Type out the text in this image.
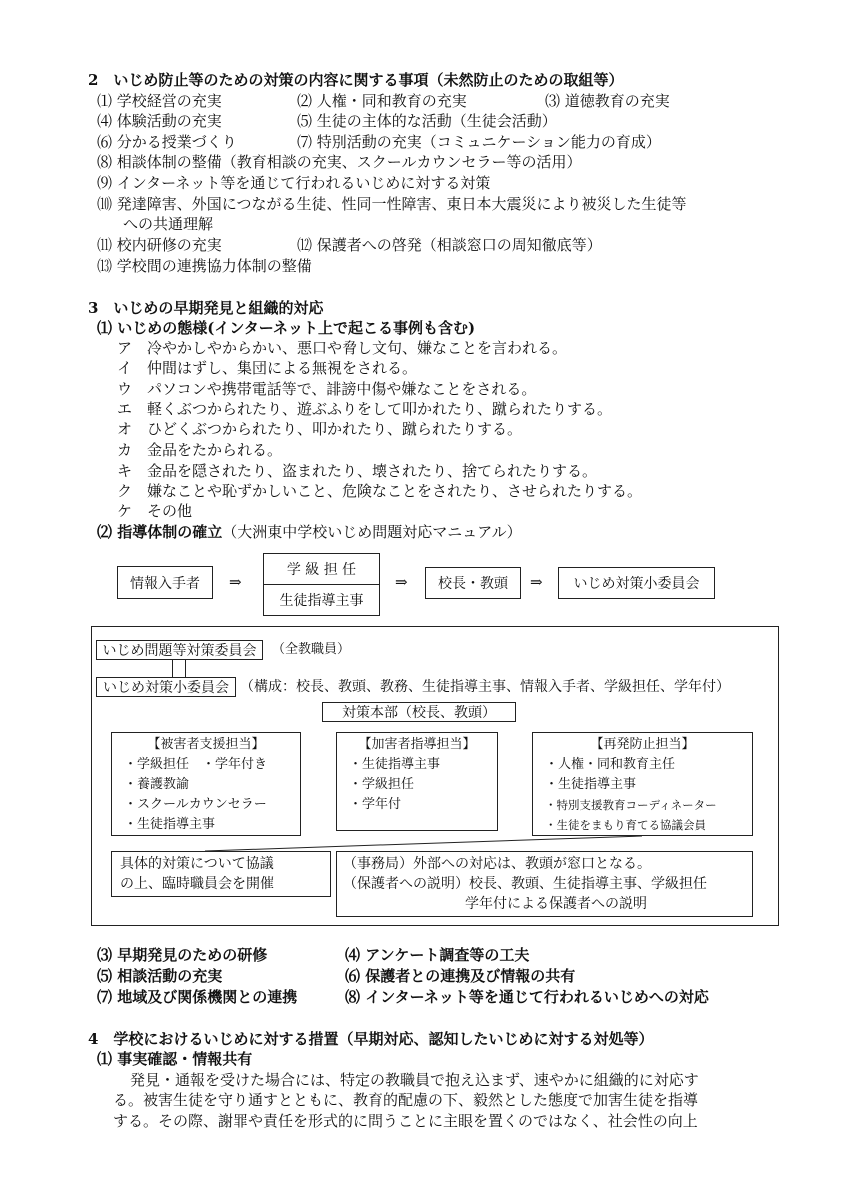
2　いじめ防止等のための対策の内容に関する事項（未然防止のための取組等）
⑴ 学校経営の充実	⑵ 人権・同和教育の充実	⑶ 道徳教育の充実
⑷ 体験活動の充実	⑸ 生徒の主体的な活動（生徒会活動）
⑹ 分かる授業づくり	⑺ 特別活動の充実（コミュニケーション能力の育成）
⑻ 相談体制の整備（教育相談の充実、スクールカウンセラー等の活用）
⑼ インターネット等を通じて行われるいじめに対する対策
⑽ 発達障害、外国につながる生徒、性同一性障害、東日本大震災により被災した生徒等
への共通理解
⑾ 校内研修の充実	⑿ 保護者への啓発（相談窓口の周知徹底等）
⒀ 学校間の連携協力体制の整備
3　いじめの早期発見と組織的対応
⑴ いじめの態様(インターネット上で起こる事例も含む)
ア　冷やかしやからかい、悪口や脅し文句、嫌なことを言われる。
イ　仲間はずし、集団による無視をされる。
ウ　パソコンや携帯電話等で、誹謗中傷や嫌なことをされる。
エ　軽くぶつかられたり、遊ぶふりをして叩かれたり、蹴られたりする。
オ　ひどくぶつかられたり、叩かれたり、蹴られたりする。
カ　金品をたかられる。
キ　金品を隠されたり、盗まれたり、壊されたり、捨てられたりする。
ク　嫌なことや恥ずかしいこと、危険なことをされたり、させられたりする。
ケ　その他
⑵ 指導体制の確立（大洲東中学校いじめ問題対応マニュアル）
情報入手者	⇒
学 級 担 任
生徒指導主事
⇒	校長・教頭	⇒	いじめ対策小委員会
いじめ問題等対策委員会	（全教職員）
いじめ対策小委員会 （構成：校長、教頭、教務、生徒指導主事、情報入手者、学級担任、学年付）
対策本部（校長、教頭）
【被害者支援担当】
・学級担任　・学年付き
・養護教諭
・スクールカウンセラー
・生徒指導主事
【加害者指導担当】
・生徒指導主事
・学級担任
・学年付
【再発防止担当】
・人権・同和教育主任
・生徒指導主事
・特別支援教育コーディネーター
・生徒をまもり育てる協議会員
具体的対策について協議
の上、臨時職員会を開催
（事務局）外部への対応は、教頭が窓口となる。
（保護者への説明）校長、教頭、生徒指導主事、学級担任
学年付による保護者への説明
⑶ 早期発見のための研修	⑷ アンケート調査等の工夫
⑸ 相談活動の充実	⑹ 保護者との連携及び情報の共有
⑺ 地域及び関係機関との連携	⑻ インターネット等を通じて行われるいじめへの対応
4　学校におけるいじめに対する措置（早期対応、認知したいじめに対する対処等）
⑴ 事実確認・情報共有
発見・通報を受けた場合には、特定の教職員で抱え込まず、速やかに組織的に対応す
る。被害生徒を守り通すとともに、教育的配慮の下、毅然とした態度で加害生徒を指導
する。その際、謝罪や責任を形式的に問うことに主眼を置くのではなく、社会性の向上
